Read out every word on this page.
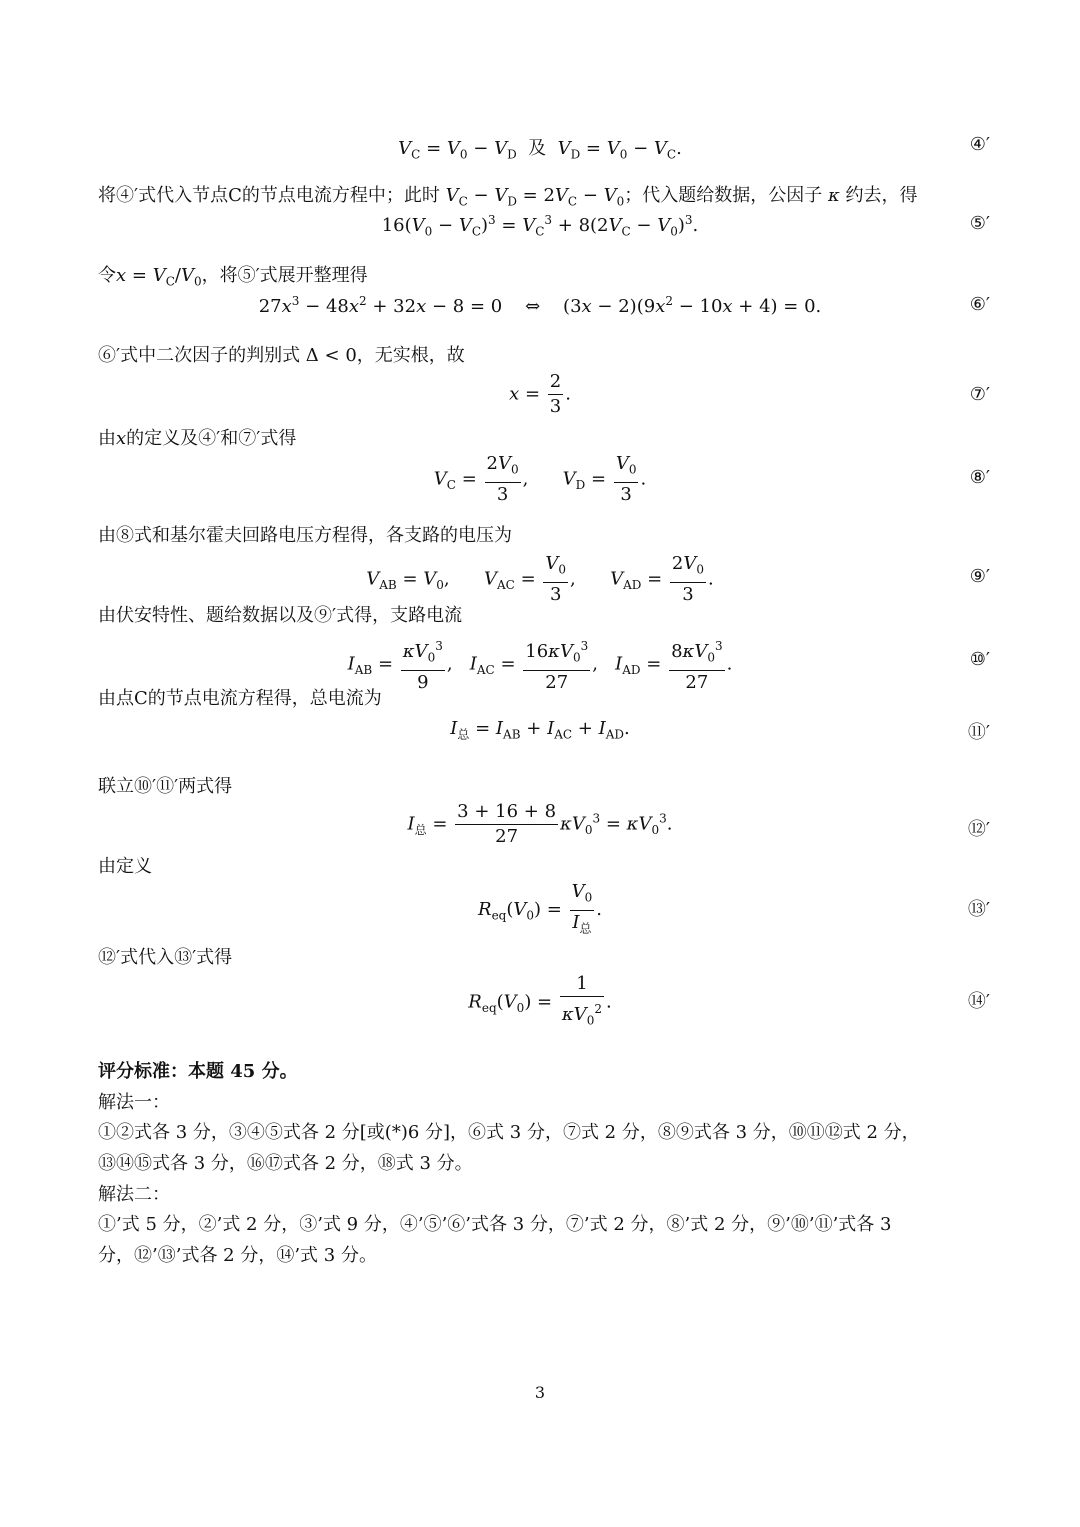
$V_C = V_0 - V_D$  及  $V_D = V_0 - V_C$.	④′
将④′式代入节点C的节点电流方程中；此时 $V_C - V_D = 2V_C - V_0$；代入题给数据，公因子 κ 约去，得
$16(V_0 - V_C)^3 = V_C^3 + 8(2V_C - V_0)^3$.	⑤′
令$x = V_C/V_0$，将⑤′式展开整理得
$27x^3 - 48x^2 + 32x - 8 = 0$    ⇔    $(3x - 2)(9x^2 - 10x + 4) = 0$.	⑥′
⑥′式中二次因子的判别式 Δ < 0，无实根，故
$x = \frac{2}{3}$ .	⑦′
由x的定义及④′和⑦′式得
$V_C = \frac{2V_0}{3}$ ,      $V_D = \frac{V_0}{3}$ .	⑧′
由⑧式和基尔霍夫回路电压方程得，各支路的电压为
$V_{AB} = V_0$,      $V_{AC} = \frac{V_0}{3}$ ,      $V_{AD} = \frac{2V_0}{3}$ .	⑨′
由伏安特性、题给数据以及⑨′式得，支路电流
$I_{AB} = \frac{\kappa V_0^3}{9}$ ,   $I_{AC} = \frac{16\kappa V_0^3}{27}$ ,   $I_{AD} = \frac{8\kappa V_0^3}{27}$ .	⑩′
由点C的节点电流方程得，总电流为
$I_总 = I_{AB} + I_{AC} + I_{AD}$.	⑪′
联立⑩′⑪′两式得
$I_总 = \frac{3 + 16 + 8}{27} \kappa V_0^3 = \kappa V_0^3$.	⑫′
由定义
$R_{eq}(V_0)$ =
$V_0$
$I_总$
.	⑬′
⑫′式代入⑬′式得
$R_{eq}(V_0) = \frac{1}{\kappa V_0^2}$ .	⑭′
评分标准：本题 45 分。
解法一：
①②式各 3 分，③④⑤式各 2 分[或(*)6 分]，⑥式 3 分，⑦式 2 分，⑧⑨式各 3 分，⑩⑪⑫式 2 分，
⑬⑭⑮式各 3 分，⑯⑰式各 2 分，⑱式 3 分。
解法二：
①’式 5 分，②’式 2 分，③’式 9 分，④’⑤’⑥’式各 3 分，⑦’式 2 分，⑧’式 2 分，⑨’⑩’⑪’式各 3
分，⑫’⑬’式各 2 分，⑭’式 3 分。
3
